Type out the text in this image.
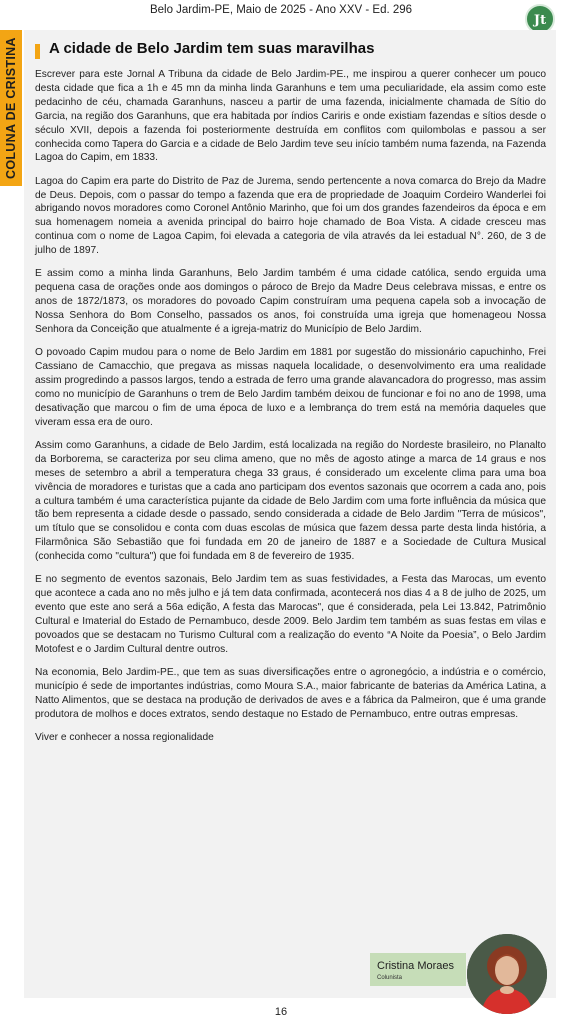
Belo Jardim-PE, Maio de 2025 - Ano XXV - Ed. 296
Jt
COLUNA DE CRISTINA A cidade de Belo Jardim tem suas maravilhas

Escrever para este Jornal A Tribuna da cidade de Belo Jardim-PE., me inspirou a querer conhecer um pouco desta cidade que fica a 1h e 45 mn da minha linda Garanhuns e tem uma peculiaridade, ela assim como este pedacinho de céu, chamada Garanhuns, nasceu a partir de uma fazenda, inicialmente chamada de Sítio do Garcia, na região dos Garanhuns, que era habitada por índios Cariris e onde existiam fazendas e sítios desde o século XVII, depois a fazenda foi posteriormente destruída em conflitos com quilombolas e passou a ser conhecida como Tapera do Garcia e a cidade de Belo Jardim teve seu início também numa fazenda, na Fazenda Lagoa do Capim, em 1833.

Lagoa do Capim era parte do Distrito de Paz de Jurema, sendo pertencente a nova comarca do Brejo da Madre de Deus. Depois, com o passar do tempo a fazenda que era de propriedade de Joaquim Cordeiro Wanderlei foi abrigando novos moradores como Coronel Antônio Marinho, que foi um dos grandes fazendeiros da época e em sua homenagem nomeia a avenida principal do bairro hoje chamado de Boa Vista. A cidade cresceu mas continua com o nome de Lagoa Capim, foi elevada a categoria de vila através da lei estadual N°. 260, de 3 de julho de 1897.

E assim como a minha linda Garanhuns, Belo Jardim também é uma cidade católica, sendo erguida uma pequena casa de orações onde aos domingos o pároco de Brejo da Madre Deus celebrava missas, e entre os anos de 1872/1873, os moradores do povoado Capim construíram uma pequena capela sob a invocação de Nossa Senhora do Bom Conselho, passados os anos, foi construída uma igreja que homenageou Nossa Senhora da Conceição que atualmente é a igreja-matriz do Município de Belo Jardim.

O povoado Capim mudou para o nome de Belo Jardim em 1881 por sugestão do missionário capuchinho, Frei Cassiano de Camacchio, que pregava as missas naquela localidade, o desenvolvimento era uma realidade assim progredindo a passos largos, tendo a estrada de ferro uma grande alavancadora do progresso, mas assim como no município de Garanhuns o trem de Belo Jardim também deixou de funcionar e foi no ano de 1998, uma desativação que marcou o fim de uma época de luxo e a lembrança do trem está na memória daqueles que viveram essa era de ouro.

Assim como Garanhuns, a cidade de Belo Jardim, está localizada na região do Nordeste brasileiro, no Planalto da Borborema, se caracteriza por seu clima ameno, que no mês de agosto atinge a marca de 14 graus e nos meses de setembro a abril a temperatura chega 33 graus, é considerado um excelente clima para uma boa vivência de moradores e turistas que a cada ano participam dos eventos sazonais que ocorrem a cada ano, pois a cultura também é uma característica pujante da cidade de Belo Jardim com uma forte influência da música que tão bem representa a cidade desde o passado, sendo considerada a cidade de Belo Jardim "Terra de músicos", um título que se consolidou e conta com duas escolas de música que fazem dessa parte desta linda história, a Filarmônica São Sebastião que foi fundada em 20 de janeiro de 1887 e a Sociedade de Cultura Musical (conhecida como "cultura") que foi fundada em 8 de fevereiro de 1935.

E no segmento de eventos sazonais, Belo Jardim tem as suas festividades, a Festa das Marocas, um evento que acontece a cada ano no mês julho e já tem data confirmada, acontecerá nos dias 4 a 8 de julho de 2025, um evento que este ano será a 56a edição, A festa das Marocas", que é considerada, pela Lei 13.842, Patrimônio Cultural e Imaterial do Estado de Pernambuco, desde 2009. Belo Jardim tem também as suas festas em vilas e povoados que se destacam no Turismo Cultural com a realização do evento “A Noite da Poesia”, o Belo Jardim Motofest e o Jardim Cultural dentre outros.

Na economia, Belo Jardim-PE., que tem as suas diversificações entre o agronegócio, a indústria e o comércio, município é sede de importantes indústrias, como Moura S.A., maior fabricante de baterias da América Latina, a Natto Alimentos, que se destaca na produção de derivados de aves e a fábrica da Palmeiron, que é uma grande produtora de molhos e doces extratos, sendo destaque no Estado de Pernambuco, entre outras empresas.

Viver e conhecer a nossa regionalidade

Cristina Moraes
Colunista
16
